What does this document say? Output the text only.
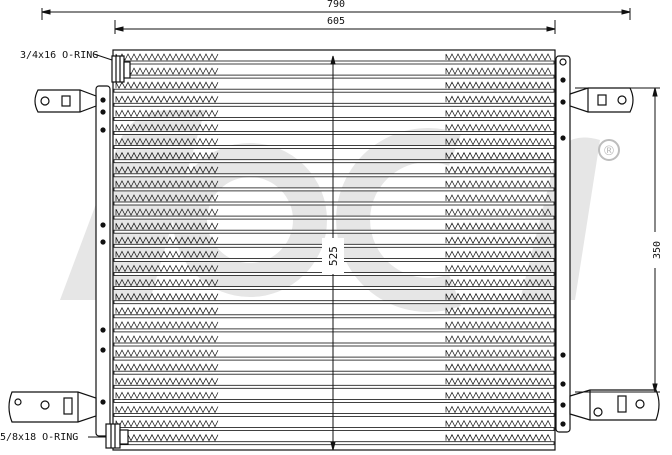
®
790
605
3/4x16 O-RING
5/8x18 O-RING
525	350
